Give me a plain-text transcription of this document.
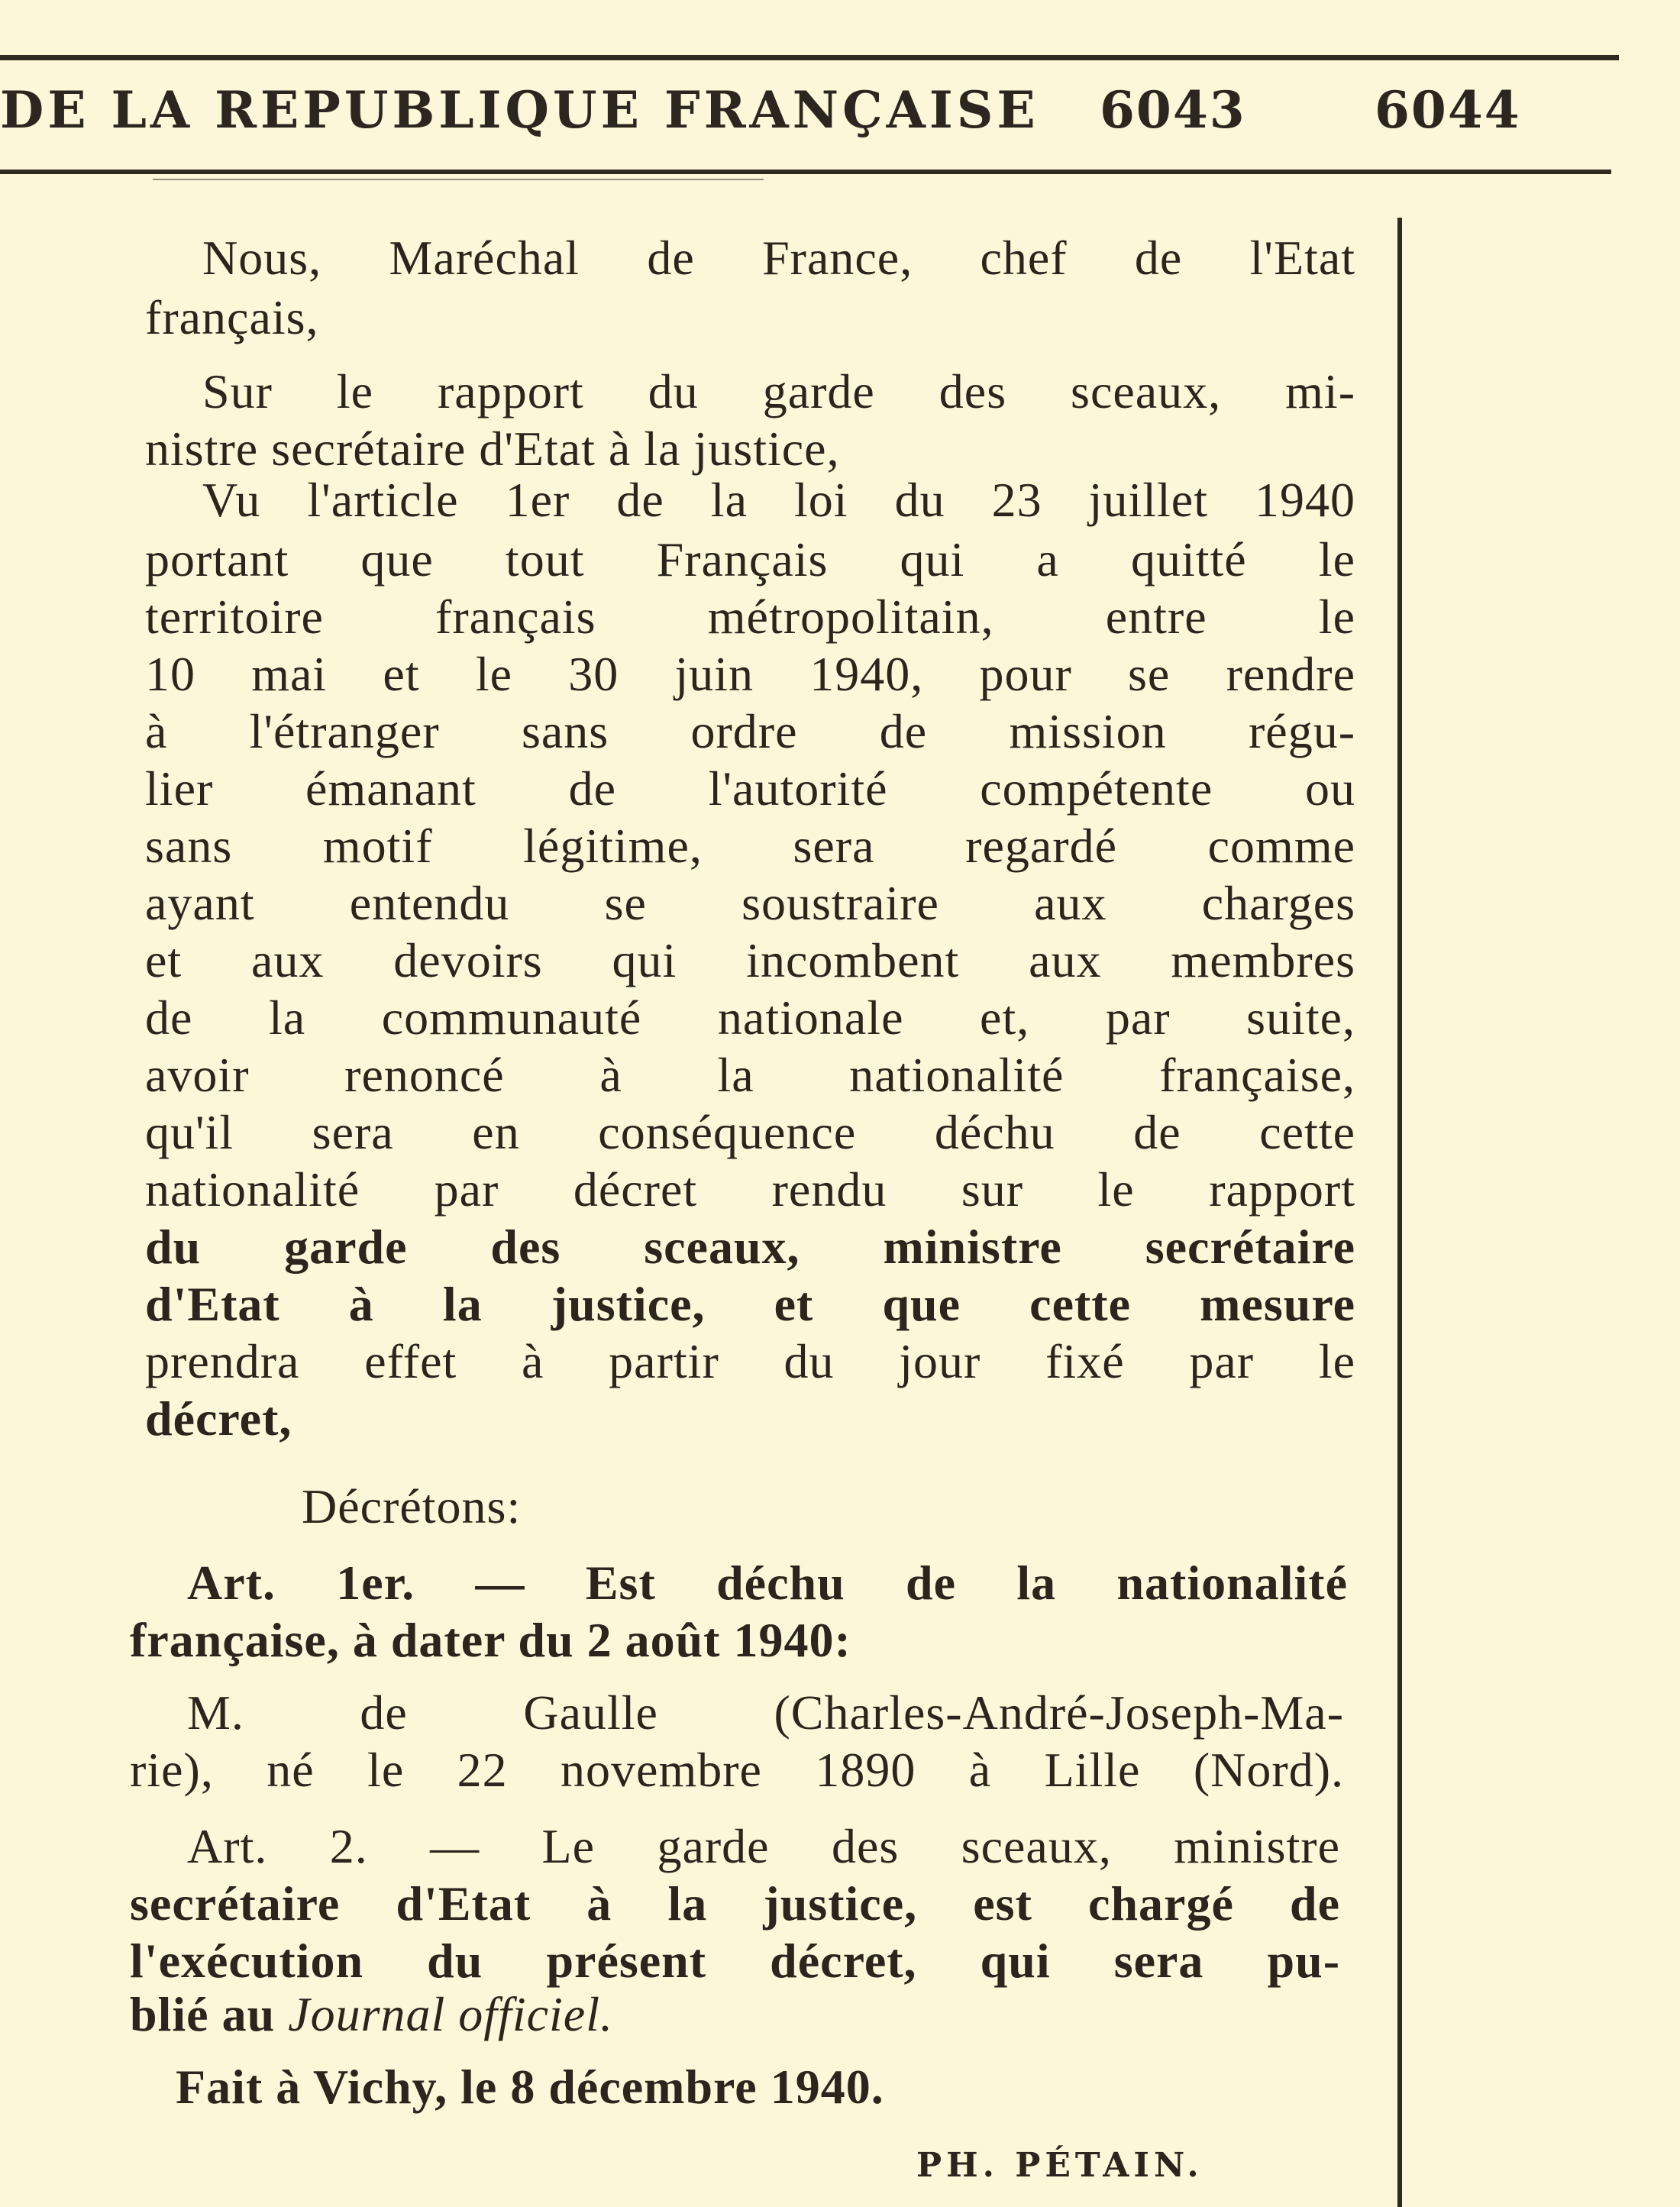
DE LA REPUBLIQUE FRANÇAISE 6043	6044
Nous, Maréchal de France, chef de l'Etat
français,
Sur le rapport du garde des sceaux, mi-
nistre secrétaire d'Etat à la justice,
Vu l'article 1er de la loi du 23 juillet 1940
portant que tout Français qui a quitté le
territoire français métropolitain, entre le
10 mai et le 30 juin 1940, pour se rendre
à l'étranger sans ordre de mission régu-
lier émanant de l'autorité compétente ou
sans motif légitime, sera regardé comme
ayant entendu se soustraire aux charges
et aux devoirs qui incombent aux membres
de la communauté nationale et, par suite,
avoir renoncé à la nationalité française,
qu'il sera en conséquence déchu de cette
nationalité par décret rendu sur le rapport
du garde des sceaux, ministre secrétaire
d'Etat à la justice, et que cette mesure
prendra effet à partir du jour fixé par le
décret,
Décrétons:
Art. 1er. — Est déchu de la nationalité
française, à dater du 2 août 1940:
M. de Gaulle (Charles-André-Joseph-Ma-
rie), né le 22 novembre 1890 à Lille (Nord).
Art. 2. — Le garde des sceaux, ministre
secrétaire d'Etat à la justice, est chargé de
l'exécution du présent décret, qui sera pu-
blié au Journal officiel.
Fait à Vichy, le 8 décembre 1940.
PH. PÉTAIN.
